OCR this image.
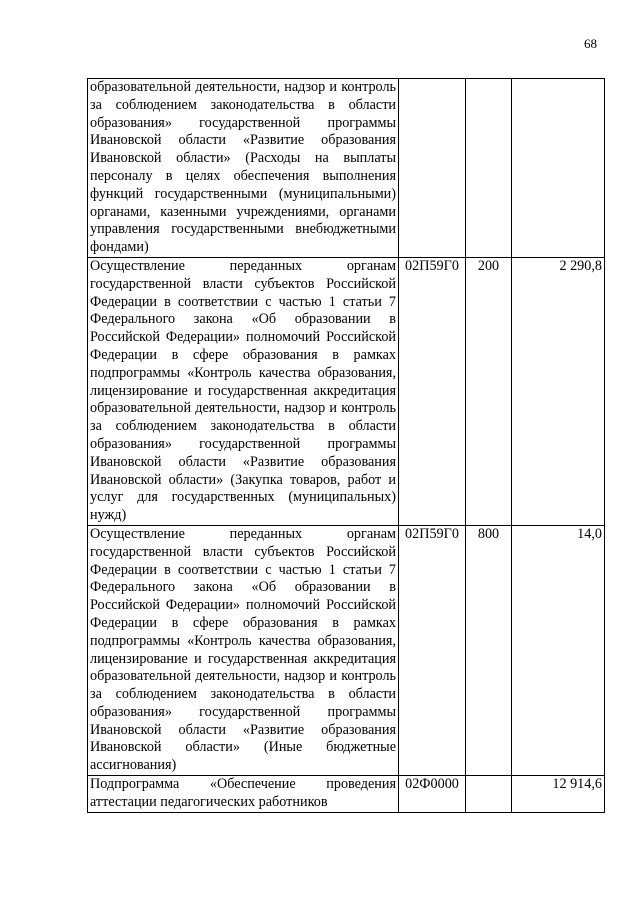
68
образовательной деятельности, надзор и контроль за соблюдением законодательства в области образования» государственной программы Ивановской области «Развитие образования Ивановской области» (Расходы на выплаты персоналу в целях обеспечения выполнения функций государственными (муниципальными) органами, казенными учреждениями, органами управления государственными внебюджетными фондами)			
Осуществление переданных органам государственной власти субъектов Российской Федерации в соответствии с частью 1 статьи 7 Федерального закона «Об образовании в Российской Федерации» полномочий Российской Федерации в сфере образования в рамках подпрограммы «Контроль качества образования, лицензирование и государственная аккредитация образовательной деятельности, надзор и контроль за соблюдением законодательства в области образования» государственной программы Ивановской области «Развитие образования Ивановской области» (Закупка товаров, работ и услуг для государственных (муниципальных) нужд)	02П59Г0	200	2 290,8
Осуществление переданных органам государственной власти субъектов Российской Федерации в соответствии с частью 1 статьи 7 Федерального закона «Об образовании в Российской Федерации» полномочий Российской Федерации в сфере образования в рамках подпрограммы «Контроль качества образования, лицензирование и государственная аккредитация образовательной деятельности, надзор и контроль за соблюдением законодательства в области образования» государственной программы Ивановской области «Развитие образования Ивановской области» (Иные бюджетные ассигнования)	02П59Г0	800	14,0
Подпрограмма «Обеспечение проведения аттестации педагогических работников	02Ф0000		12 914,6
